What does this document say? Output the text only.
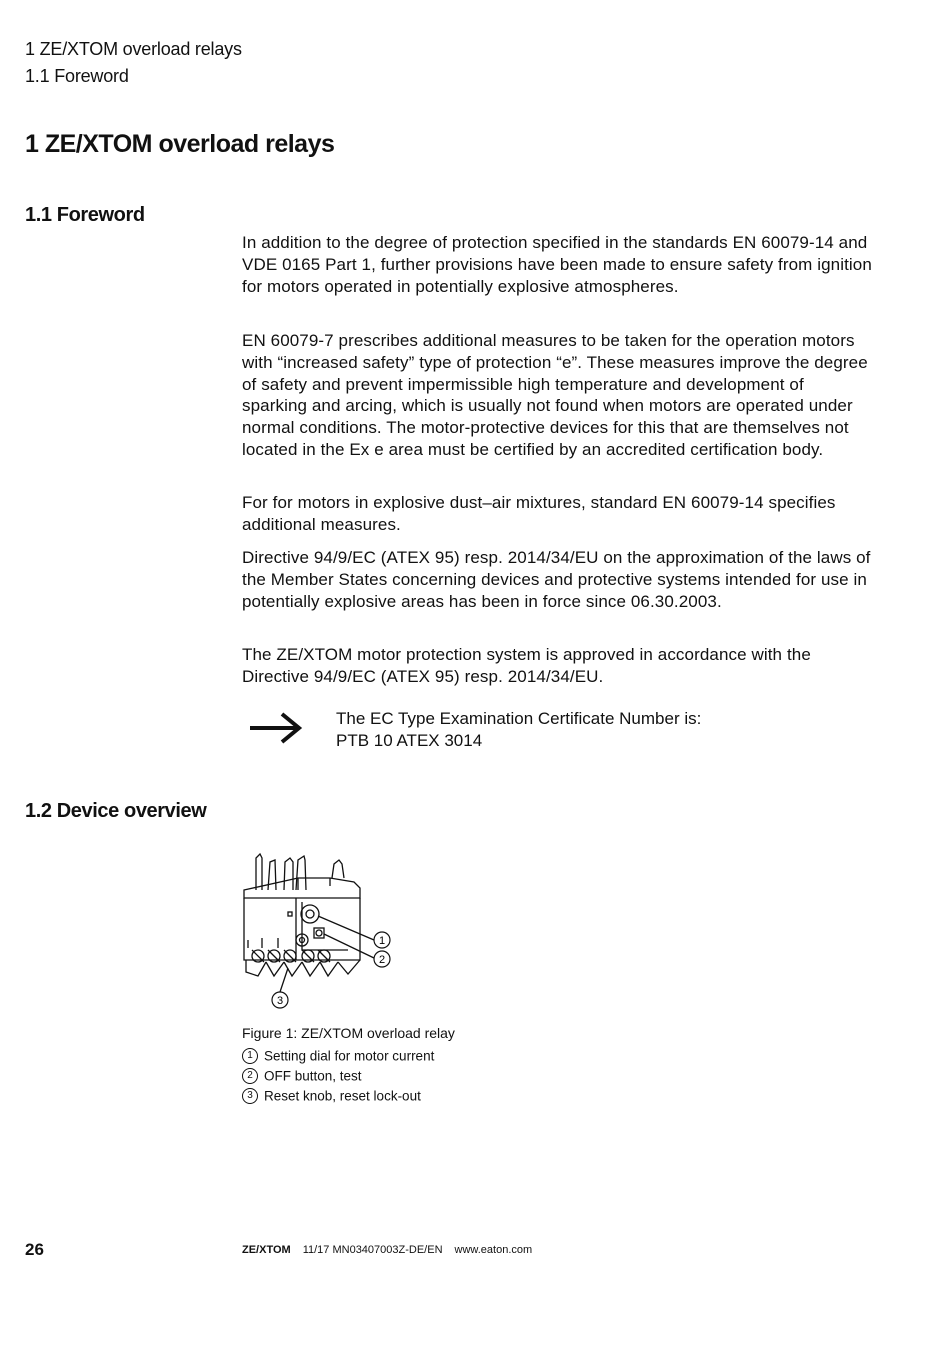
1 ZE/XTOM overload relays
1.1 Foreword
1 ZE/XTOM overload relays
1.1 Foreword
In addition to the degree of protection specified in the standards EN 60079-14 and VDE 0165 Part 1, further provisions have been made to ensure safety from ignition for motors operated in potentially explosive atmospheres.
EN 60079-7 prescribes additional measures to be taken for the operation motors with “increased safety” type of protection “e”. These measures improve the degree of safety and prevent impermissible high temperature and development of sparking and arcing, which is usually not found when motors are operated under normal conditions. The motor-protective devices for this that are themselves not located in the Ex e area must be certified by an accredited certification body.
For for motors in explosive dust–air mixtures, standard EN 60079-14 specifies additional measures.
Directive 94/9/EC (ATEX 95) resp. 2014/34/EU on the approximation of the laws of the Member States concerning devices and protective systems intended for use in potentially explosive areas has been in force since 06.30.2003.
The ZE/XTOM motor protection system is approved in accordance with the Directive 94/9/EC (ATEX 95) resp. 2014/34/EU.
The EC Type Examination Certificate Number is:
PTB 10 ATEX 3014
1.2 Device overview
1
2
3
Figure 1: ZE/XTOM overload relay
1 Setting dial for motor current
2 OFF button, test
3 Reset knob, reset lock-out
26	ZE/XTOM 11/17 MN03407003Z-DE/EN www.eaton.com
